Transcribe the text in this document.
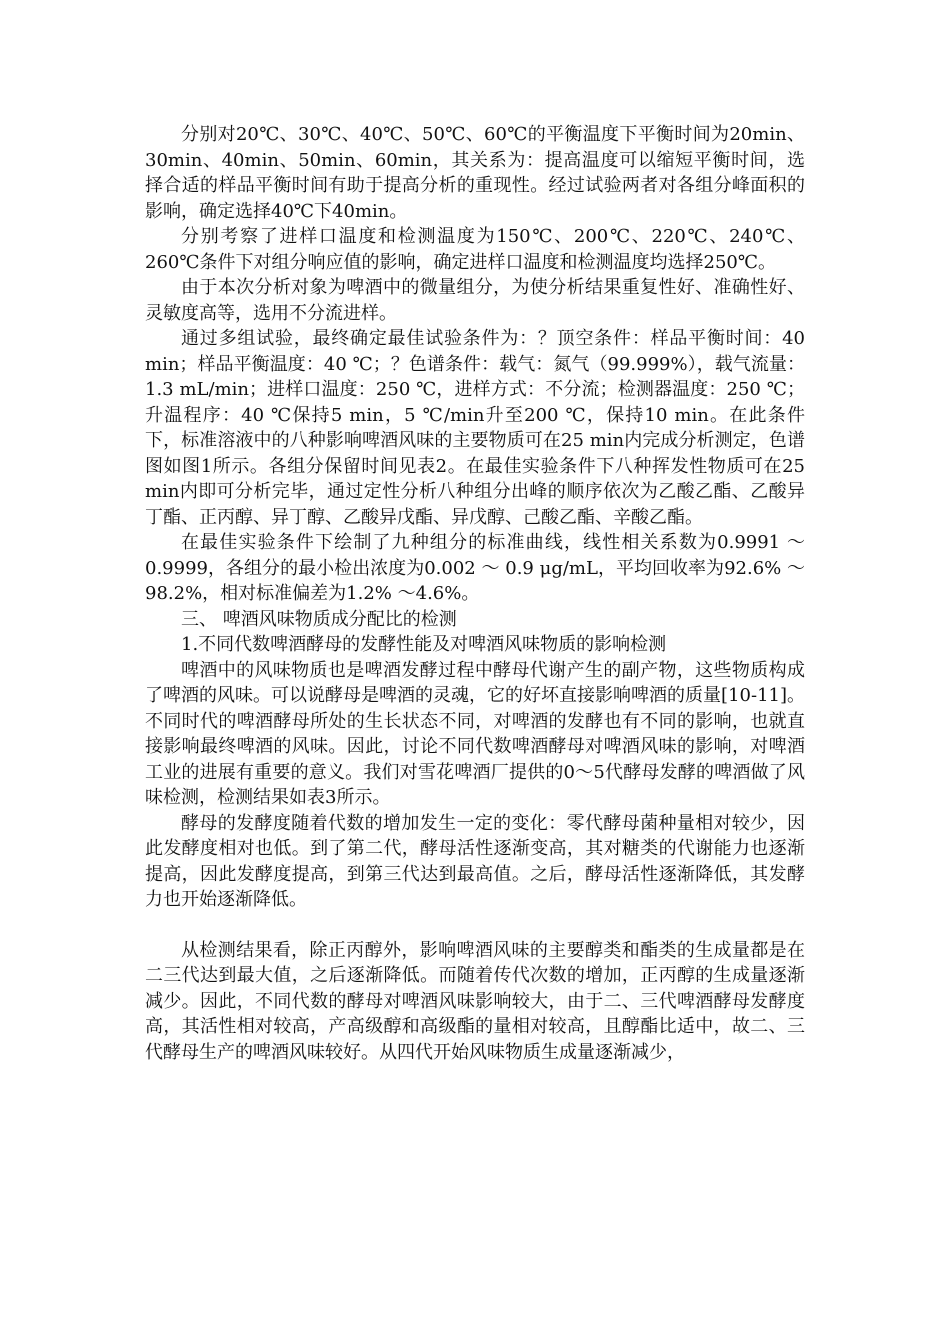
分别对20℃、30℃、40℃、50℃、60℃的平衡温度下平衡时间为20min、30min、40min、50min、60min，其关系为：提高温度可以缩短平衡时间，选择合适的样品平衡时间有助于提高分析的重现性。经过试验两者对各组分峰面积的影响，确定选择40℃下40min。

分别考察了进样口温度和检测温度为150℃、200℃、220℃、240℃、260℃条件下对组分响应值的影响，确定进样口温度和检测温度均选择250℃。

由于本次分析对象为啤酒中的微量组分，为使分析结果重复性好、准确性好、灵敏度高等，选用不分流进样。

通过多组试验，最终确定最佳试验条件为：？顶空条件：样品平衡时间：40 min；样品平衡温度：40 ℃；？色谱条件：载气：氮气（99.999%），载气流量：1.3 mL/min；进样口温度：250 ℃，进样方式：不分流；检测器温度：250 ℃；升温程序：40 ℃保持5 min，5 ℃/min升至200 ℃，保持10 min。在此条件下，标准溶液中的八种影响啤酒风味的主要物质可在25 min内完成分析测定，色谱图如图1所示。各组分保留时间见表2。在最佳实验条件下八种挥发性物质可在25 min内即可分析完毕，通过定性分析八种组分出峰的顺序依次为乙酸乙酯、乙酸异丁酯、正丙醇、异丁醇、乙酸异戊酯、异戊醇、己酸乙酯、辛酸乙酯。

在最佳实验条件下绘制了九种组分的标准曲线，线性相关系数为0.9991 ～ 0.9999，各组分的最小检出浓度为0.002 ～ 0.9 μg/mL，平均回收率为92.6% ～ 98.2%，相对标准偏差为1.2% ～4.6%。

三、 啤酒风味物质成分配比的检测

1.不同代数啤酒酵母的发酵性能及对啤酒风味物质的影响检测

啤酒中的风味物质也是啤酒发酵过程中酵母代谢产生的副产物，这些物质构成了啤酒的风味。可以说酵母是啤酒的灵魂，它的好坏直接影响啤酒的质量[10-11]。不同时代的啤酒酵母所处的生长状态不同，对啤酒的发酵也有不同的影响，也就直接影响最终啤酒的风味。因此，讨论不同代数啤酒酵母对啤酒风味的影响，对啤酒工业的进展有重要的意义。我们对雪花啤酒厂提供的0～5代酵母发酵的啤酒做了风味检测，检测结果如表3所示。

酵母的发酵度随着代数的增加发生一定的变化：零代酵母菌种量相对较少，因此发酵度相对也低。到了第二代，酵母活性逐渐变高，其对糖类的代谢能力也逐渐提高，因此发酵度提高，到第三代达到最高值。之后，酵母活性逐渐降低，其发酵力也开始逐渐降低。

从检测结果看，除正丙醇外，影响啤酒风味的主要醇类和酯类的生成量都是在二三代达到最大值，之后逐渐降低。而随着传代次数的增加，正丙醇的生成量逐渐减少。因此，不同代数的酵母对啤酒风味影响较大，由于二、三代啤酒酵母发酵度高，其活性相对较高，产高级醇和高级酯的量相对较高，且醇酯比适中，故二、三代酵母生产的啤酒风味较好。从四代开始风味物质生成量逐渐减少，
